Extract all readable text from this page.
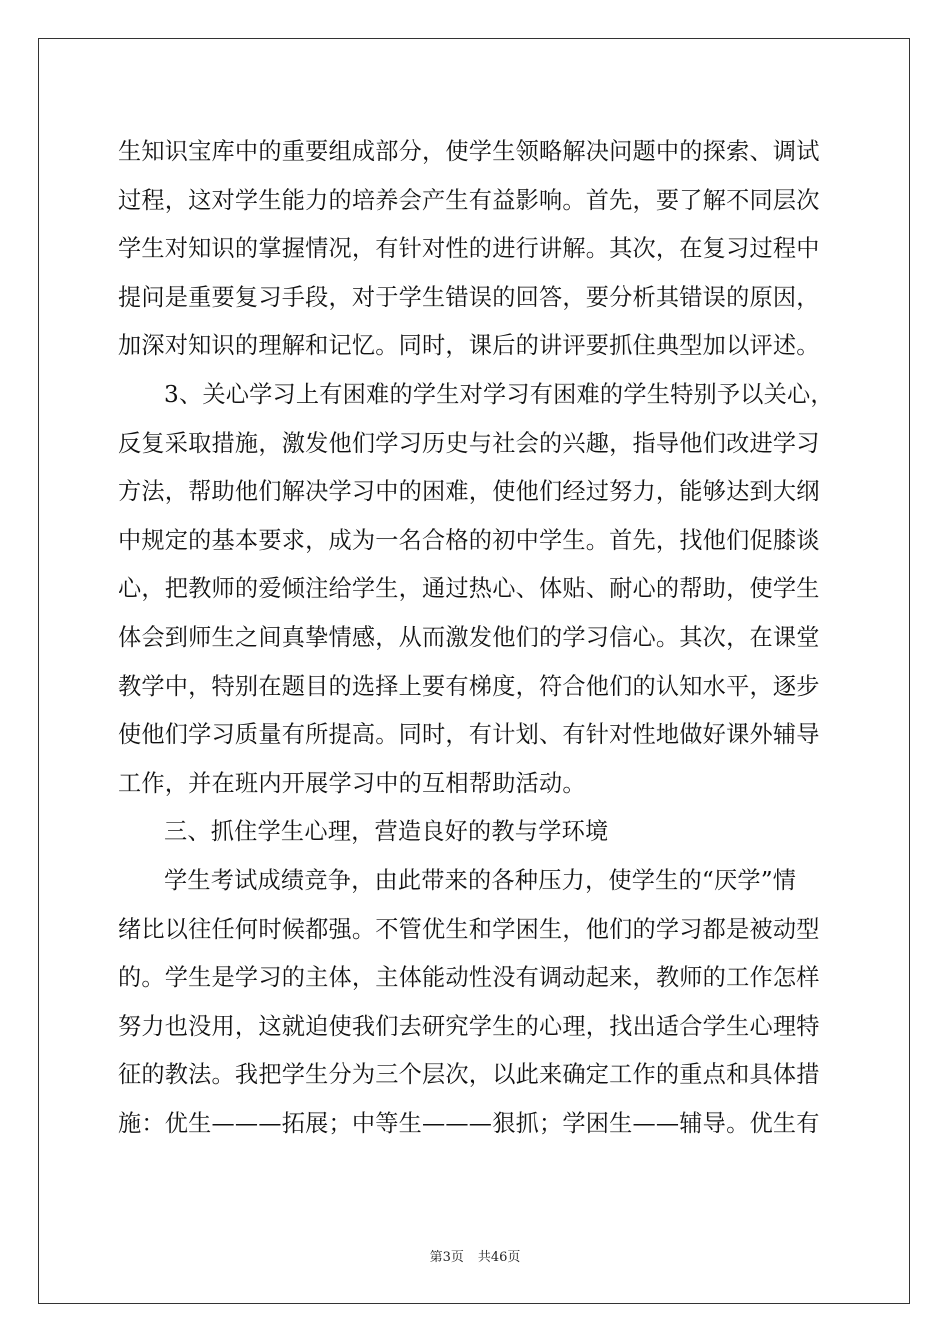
生知识宝库中的重要组成部分，使学生领略解决问题中的探索、调试
过程，这对学生能力的培养会产生有益影响。首先，要了解不同层次
学生对知识的掌握情况，有针对性的进行讲解。其次，在复习过程中
提问是重要复习手段，对于学生错误的回答，要分析其错误的原因，
加深对知识的理解和记忆。同时，课后的讲评要抓住典型加以评述。
3、关心学习上有困难的学生对学习有困难的学生特别予以关心，
反复采取措施，激发他们学习历史与社会的兴趣，指导他们改进学习
方法，帮助他们解决学习中的困难，使他们经过努力，能够达到大纲
中规定的基本要求，成为一名合格的初中学生。首先，找他们促膝谈
心，把教师的爱倾注给学生，通过热心、体贴、耐心的帮助，使学生
体会到师生之间真挚情感，从而激发他们的学习信心。其次，在课堂
教学中，特别在题目的选择上要有梯度，符合他们的认知水平，逐步
使他们学习质量有所提高。同时，有计划、有针对性地做好课外辅导
工作，并在班内开展学习中的互相帮助活动。
三、抓住学生心理，营造良好的教与学环境
学生考试成绩竞争，由此带来的各种压力，使学生的“厌学”情
绪比以往任何时候都强。不管优生和学困生，他们的学习都是被动型
的。学生是学习的主体，主体能动性没有调动起来，教师的工作怎样
努力也没用，这就迫使我们去研究学生的心理，找出适合学生心理特
征的教法。我把学生分为三个层次，以此来确定工作的重点和具体措
施：优生———拓展；中等生———狠抓；学困生——辅导。优生有
第3页 共46页
